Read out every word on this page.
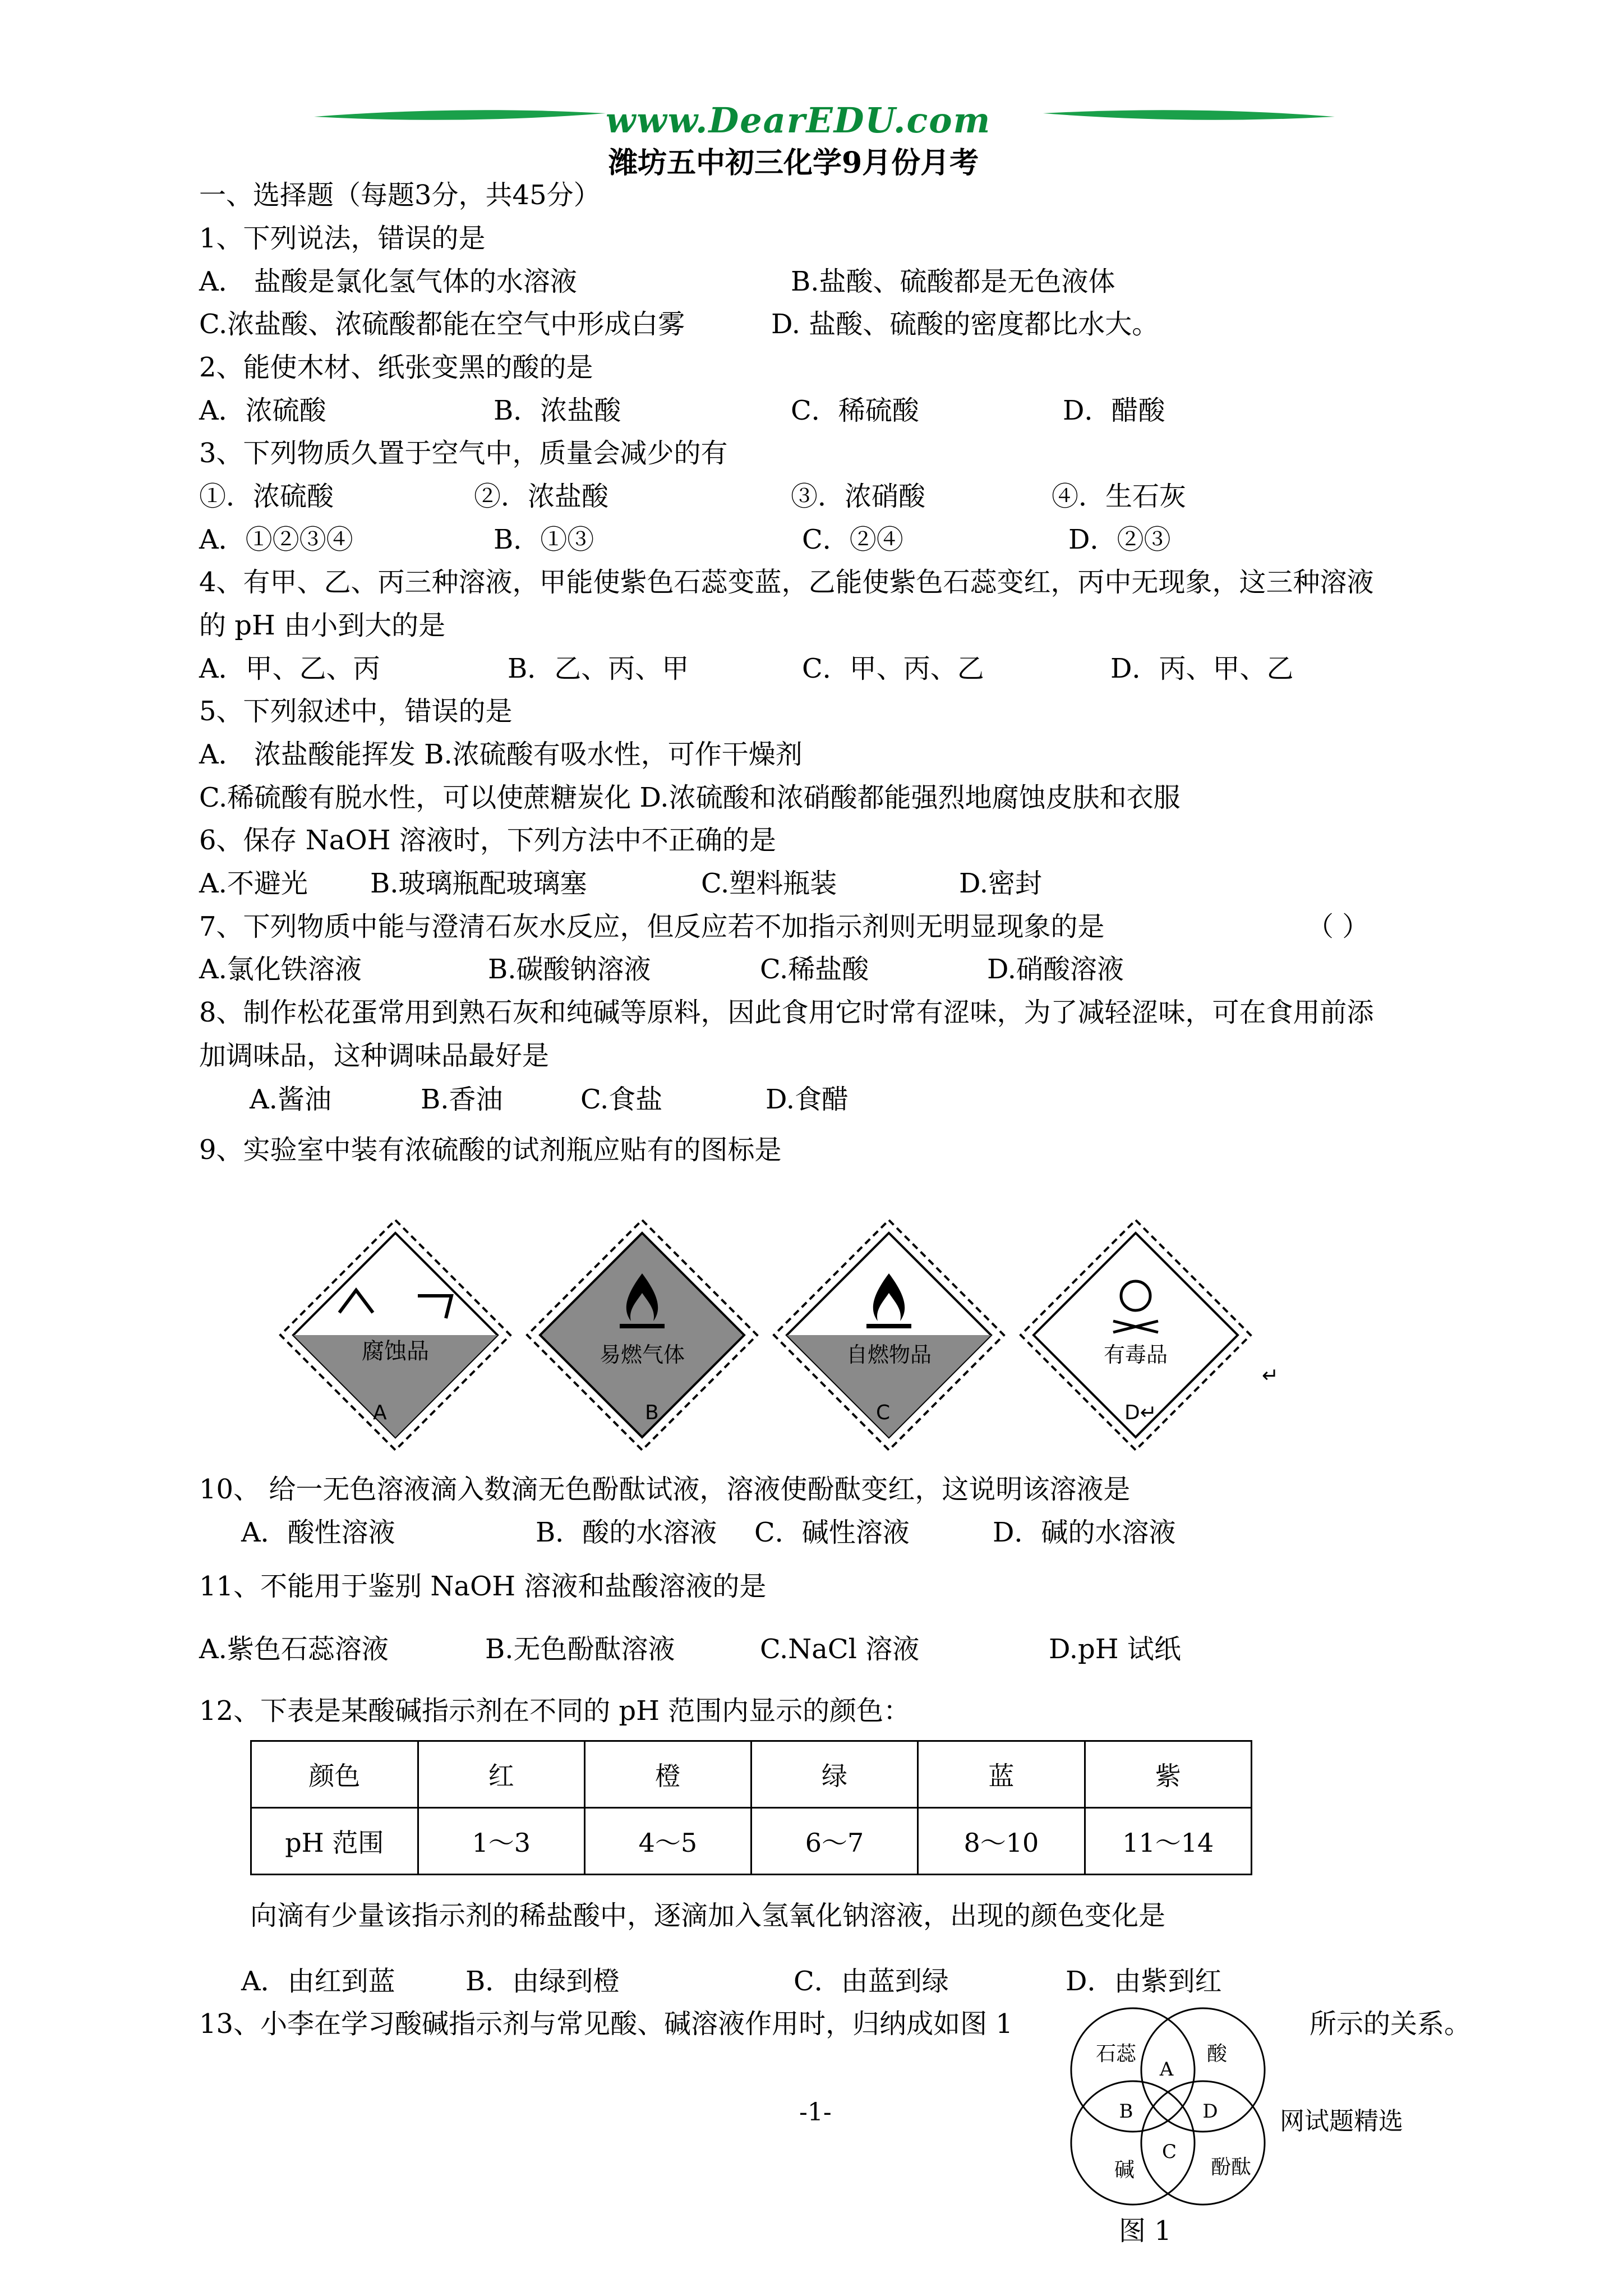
www.DearEDU.com
潍坊五中初三化学9月份月考
一、选择题（每题3分，共45分）
1、下列说法，错误的是
A． 盐酸是氯化氢气体的水溶液	B.盐酸、硫酸都是无色液体
C.浓盐酸、浓硫酸都能在空气中形成白雾	D. 盐酸、硫酸的密度都比水大。
2、能使木材、纸张变黑的酸的是
A．浓硫酸	B．浓盐酸	C．稀硫酸	D．醋酸
3、下列物质久置于空气中，质量会减少的有
①．浓硫酸	②．浓盐酸	③．浓硝酸	④．生石灰
A．①②③④	B．①③	C．②④	D．②③
4、有甲、乙、丙三种溶液，甲能使紫色石蕊变蓝，乙能使紫色石蕊变红，丙中无现象，这三种溶液
的 pH 由小到大的是
A．甲、乙、丙	B．乙、丙、甲	C．甲、丙、乙	D．丙、甲、乙
5、下列叙述中，错误的是
A． 浓盐酸能挥发 B.浓硫酸有吸水性，可作干燥剂
C.稀硫酸有脱水性，可以使蔗糖炭化 D.浓硫酸和浓硝酸都能强烈地腐蚀皮肤和衣服
6、保存 NaOH 溶液时，下列方法中不正确的是
A.不避光 B.玻璃瓶配玻璃塞	C.塑料瓶装	D.密封
7、下列物质中能与澄清石灰水反应，但反应若不加指示剂则无明显现象的是	（ ）
A.氯化铁溶液	B.碳酸钠溶液	C.稀盐酸	D.硝酸溶液
8、制作松花蛋常用到熟石灰和纯碱等原料，因此食用它时常有涩味，为了减轻涩味，可在食用前添
加调味品，这种调味品最好是
A.酱油	B.香油	C.食盐	D.食醋
9、实验室中装有浓硫酸的试剂瓶应贴有的图标是
腐蚀品	易燃气体	自燃物品	有毒品
A	B	C	D↵
↵
10、 给一无色溶液滴入数滴无色酚酞试液，溶液使酚酞变红，这说明该溶液是
A．酸性溶液	B．酸的水溶液 C．碱性溶液	D．碱的水溶液
11、不能用于鉴别 NaOH 溶液和盐酸溶液的是
A.紫色石蕊溶液	B.无色酚酞溶液	C.NaCl 溶液	D.pH 试纸
12、下表是某酸碱指示剂在不同的 pH 范围内显示的颜色：
颜色	红	橙	绿	蓝	紫
pH 范围	1～3	4～5	6～7	8～10	11～14
向滴有少量该指示剂的稀盐酸中，逐滴加入氢氧化钠溶液，出现的颜色变化是
A．由红到蓝	B．由绿到橙	C．由蓝到绿	D．由紫到红
13、小李在学习酸碱指示剂与常见酸、碱溶液作用时，归纳成如图 1	所示的关系。
石蕊	酸
碱	酚酞
A
B
C
D	网试题精选
图 1
-1-
